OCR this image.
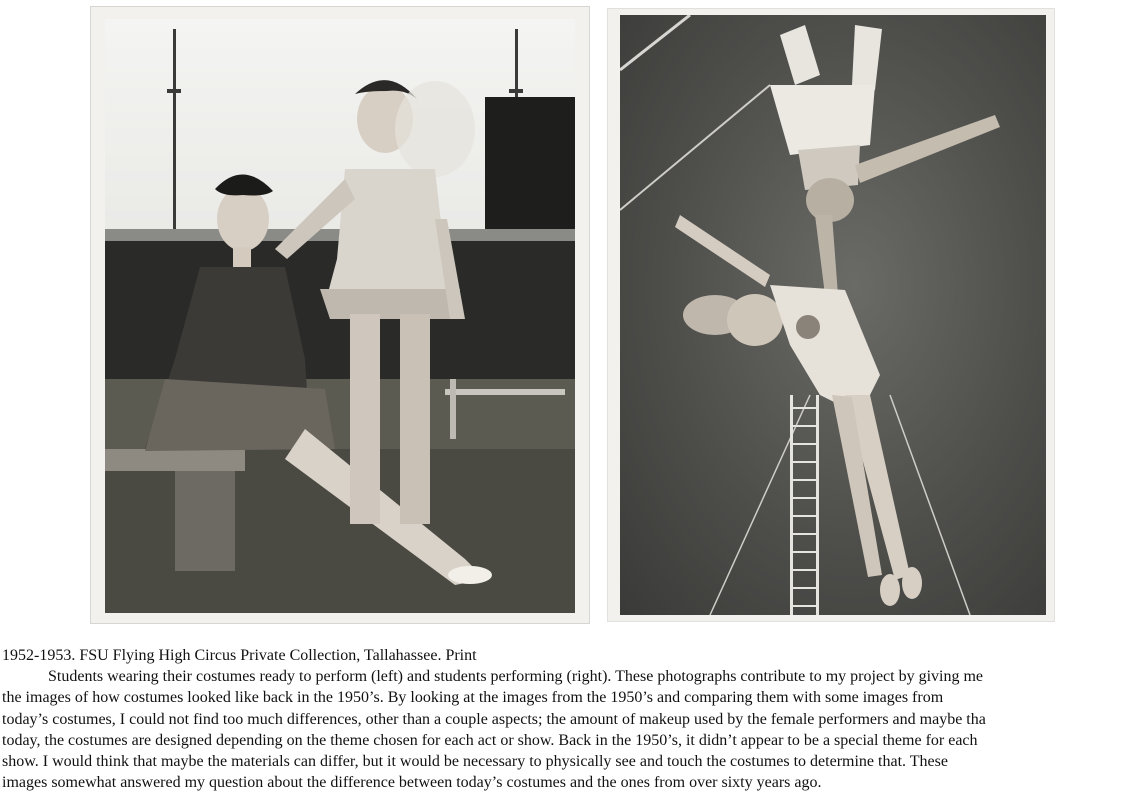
1952-1953. FSU Flying High Circus Private Collection, Tallahassee. Print
Students wearing their costumes ready to perform (left) and students performing (right). These photographs contribute to my project by giving me
the images of how costumes looked like back in the 1950’s. By looking at the images from the 1950’s and comparing them with some images from
today’s costumes, I could not find too much differences, other than a couple aspects; the amount of makeup used by the female performers and maybe tha
today, the costumes are designed depending on the theme chosen for each act or show. Back in the 1950’s, it didn’t appear to be a special theme for each
show. I would think that maybe the materials can differ, but it would be necessary to physically see and touch the costumes to determine that. These
images somewhat answered my question about the difference between today’s costumes and the ones from over sixty years ago.
